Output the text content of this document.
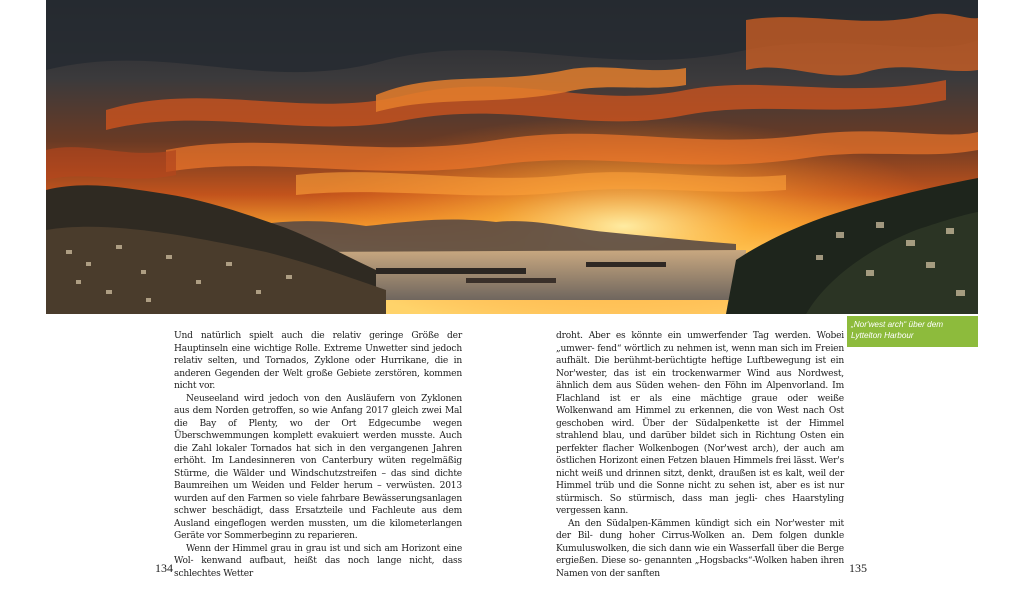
„Nor'west arch“ über dem
Lyttelton Harbour

Und natürlich spielt auch die relativ geringe Größe der Hauptinseln eine wichtige Rolle. Extreme Unwetter sind jedoch relativ selten, und Tornados, Zyklone oder Hurrikane, die in anderen Gegenden der Welt große Gebiete zerstören, kommen nicht vor.

Neuseeland wird jedoch von den Ausläufern von Zyklonen aus dem Norden getroffen, so wie Anfang 2017 gleich zwei Mal die Bay of Plenty, wo der Ort Edgecumbe wegen Überschwemmungen komplett evakuiert werden musste. Auch die Zahl lokaler Tornados hat sich in den vergangenen Jahren erhöht. Im Landesinneren von Canterbury wüten regelmäßig Stürme, die Wälder und Windschutzstreifen – das sind dichte Baumreihen um Weiden und Felder herum – verwüsten. 2013 wurden auf den Farmen so viele fahrbare Bewässerungsanlagen schwer beschädigt, dass Ersatzteile und Fachleute aus dem Ausland eingeflogen werden mussten, um die kilometerlangen Geräte vor Sommerbeginn zu reparieren.

Wenn der Himmel grau in grau ist und sich am Horizont eine Wol- kenwand aufbaut, heißt das noch lange nicht, dass schlechtes Wetter

droht. Aber es könnte ein umwerfender Tag werden. Wobei „umwer- fend“ wörtlich zu nehmen ist, wenn man sich im Freien aufhält. Die berühmt-berüchtigte heftige Luftbewegung ist ein Nor'wester, das ist ein trockenwarmer Wind aus Nordwest, ähnlich dem aus Süden wehen- den Föhn im Alpenvorland. Im Flachland ist er als eine mächtige graue oder weiße Wolkenwand am Himmel zu erkennen, die von West nach Ost geschoben wird. Über der Südalpenkette ist der Himmel strahlend blau, und darüber bildet sich in Richtung Osten ein perfekter flacher Wolkenbogen (Nor'west arch), der auch am östlichen Horizont einen Fetzen blauen Himmels frei lässt. Wer's nicht weiß und drinnen sitzt, denkt, draußen ist es kalt, weil der Himmel trüb und die Sonne nicht zu sehen ist, aber es ist nur stürmisch. So stürmisch, dass man jegli- ches Haarstyling vergessen kann.

An den Südalpen-Kämmen kündigt sich ein Nor'wester mit der Bil- dung hoher Cirrus-Wolken an. Dem folgen dunkle Kumuluswolken, die sich dann wie ein Wasserfall über die Berge ergießen. Diese so- genannten „Hogsbacks“-Wolken haben ihren Namen von der sanften

134	135
